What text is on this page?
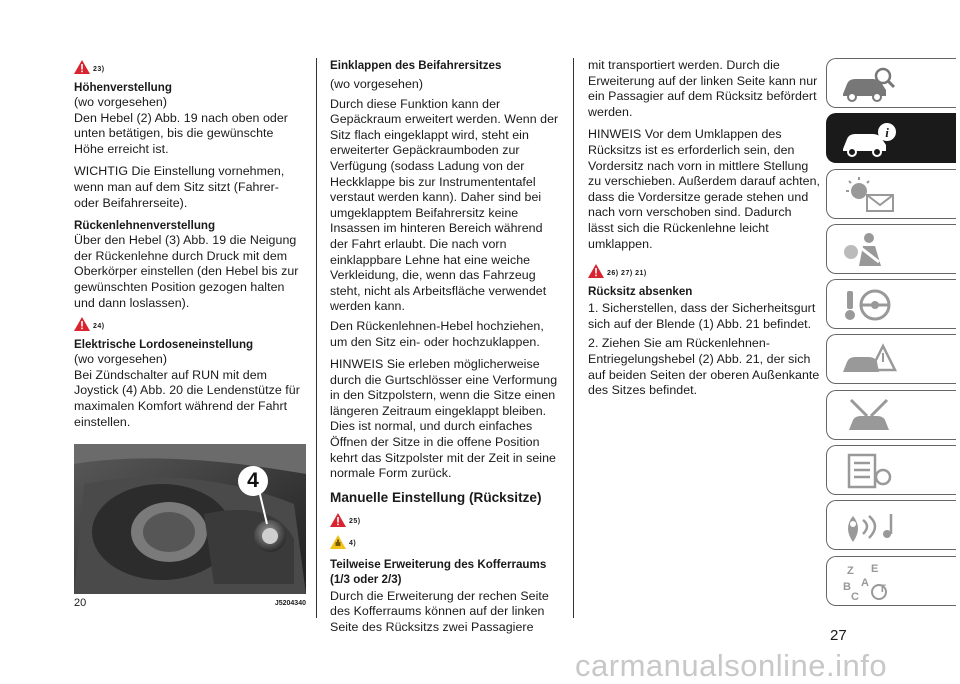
23)
Höhenverstellung

(wo vorgesehen)

Den Hebel (2) Abb. 19 nach oben oder unten betätigen, bis die gewünschte Höhe erreicht ist.

WICHTIG Die Einstellung vornehmen, wenn man auf dem Sitz sitzt (Fahrer- oder Beifahrerseite).

Rückenlehnenverstellung

Über den Hebel (3) Abb. 19 die Neigung der Rückenlehne durch Druck mit dem Oberkörper einstellen (den Hebel bis zur gewünschten Position gezogen halten und dann loslassen).

24)
Elektrische Lordoseneinstellung

(wo vorgesehen)

Bei Zündschalter auf RUN mit dem Joystick (4) Abb. 20 die Lendenstütze für maximalen Komfort während der Fahrt einstellen.

4
20	J5204340
Einklappen des Beifahrersitzes

(wo vorgesehen)

Durch diese Funktion kann der Gepäckraum erweitert werden. Wenn der Sitz flach eingeklappt wird, steht ein erweiterter Gepäckraumboden zur Verfügung (sodass Ladung von der Heckklappe bis zur Instrumententafel verstaut werden kann). Daher sind bei umgeklapptem Beifahrersitz keine Insassen im hinteren Bereich während der Fahrt erlaubt. Die nach vorn einklappbare Lehne hat eine weiche Verkleidung, die, wenn das Fahrzeug steht, nicht als Arbeitsfläche verwendet werden kann.

Den Rückenlehnen-Hebel hochziehen, um den Sitz ein- oder hochzuklappen.

HINWEIS Sie erleben möglicherweise durch die Gurtschlösser eine Verformung in den Sitzpolstern, wenn die Sitze einen längeren Zeitraum eingeklappt bleiben. Dies ist normal, und durch einfaches Öffnen der Sitze in die offene Position kehrt das Sitzpolster mit der Zeit in seine normale Form zurück.

Manuelle Einstellung (Rücksitze)
25)
4)
Teilweise Erweiterung des Kofferraums (1/3 oder 2/3)

Durch die Erweiterung der rechen Seite des Kofferraums können auf der linken Seite des Rücksitzs zwei Passagiere

mit transportiert werden. Durch die Erweiterung auf der linken Seite kann nur ein Passagier auf dem Rücksitz befördert werden.

HINWEIS Vor dem Umklappen des Rücksitzs ist es erforderlich sein, den Vordersitz nach vorn in mittlere Stellung zu verschieben. Außerdem darauf achten, dass die Vordersitze gerade stehen und nach vorn verschoben sind. Dadurch lässt sich die Rückenlehne leicht umklappen.

26) 27) 21)
Rücksitz absenken

1. Sicherstellen, dass der Sicherheitsgurt sich auf der Blende (1) Abb. 21 befindet.

2. Ziehen Sie am Rückenlehnen-Entriegelungshebel (2) Abb. 21, der sich auf beiden Seiten der oberen Außenkante des Sitzes befindet.

i
Z E
B A
C
T
27
carmanualsonline.info
